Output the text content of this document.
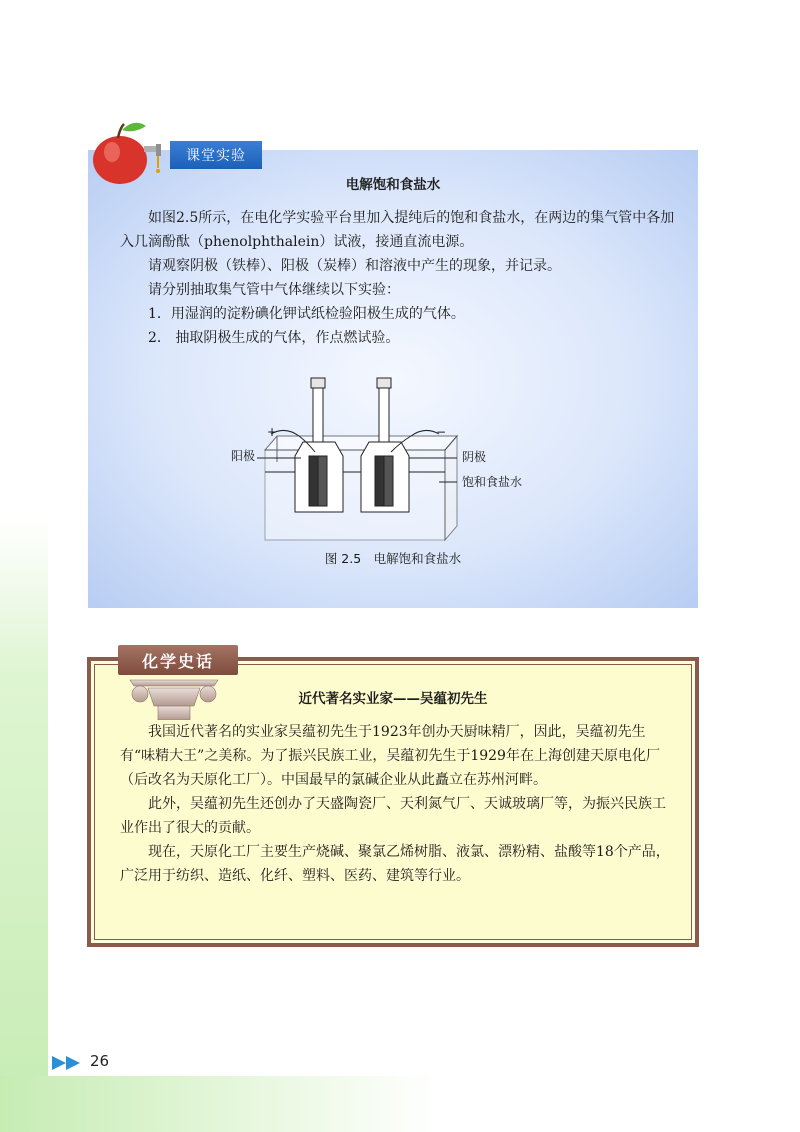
课堂实验
电解饱和食盐水

如图2.5所示，在电化学实验平台里加入提纯后的饱和食盐水，在两边的集气管中各加入几滴酚酞（phenolphthalein）试液，接通直流电源。

请观察阴极（铁棒）、阳极（炭棒）和溶液中产生的现象，并记录。

请分别抽取集气管中气体继续以下实验：

1．用湿润的淀粉碘化钾试纸检验阳极生成的气体。

2． 抽取阴极生成的气体，作点燃试验。

阳极
+	−
阴极
饱和食盐水
图 2.5　电解饱和食盐水
化学史话
近代著名实业家——吴蕴初先生

我国近代著名的实业家吴蕴初先生于1923年创办天厨味精厂，因此，吴蕴初先生有“味精大王”之美称。为了振兴民族工业，吴蕴初先生于1929年在上海创建天原电化厂（后改名为天原化工厂）。中国最早的氯碱企业从此矗立在苏州河畔。

此外，吴蕴初先生还创办了天盛陶瓷厂、天利氮气厂、天诚玻璃厂等，为振兴民族工业作出了很大的贡献。

现在，天原化工厂主要生产烧碱、聚氯乙烯树脂、液氯、漂粉精、盐酸等18个产品，广泛用于纺织、造纸、化纤、塑料、医药、建筑等行业。

26
